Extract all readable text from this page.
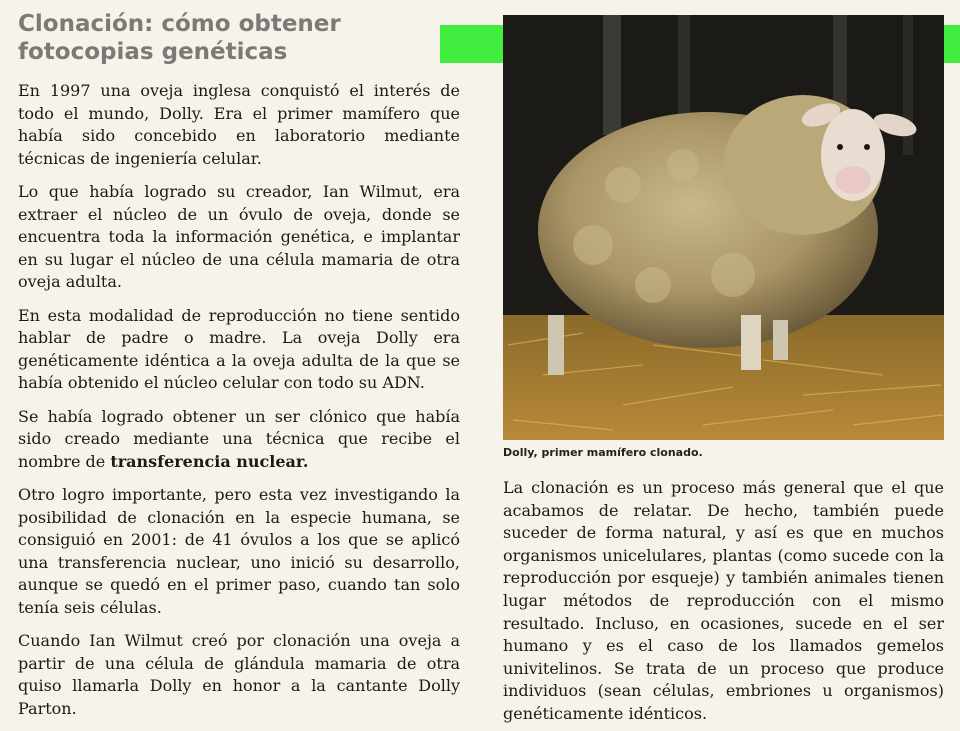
Clonación: cómo obtener fotocopias genéticas

En 1997 una oveja inglesa conquistó el interés de todo el mundo, Dolly. Era el primer mamífero que había sido concebido en laboratorio mediante técnicas de ingeniería celular.

Lo que había logrado su creador, Ian Wilmut, era extraer el núcleo de un óvulo de oveja, donde se encuentra toda la información genética, e implantar en su lugar el núcleo de una célula mamaria de otra oveja adulta.

En esta modalidad de reproducción no tiene sentido hablar de padre o madre. La oveja Dolly era genéticamente idéntica a la oveja adulta de la que se había obtenido el núcleo celular con todo su ADN.

Se había logrado obtener un ser clónico que había sido creado mediante una técnica que recibe el nombre de transferencia nuclear.

Otro logro importante, pero esta vez investigando la posibilidad de clonación en la especie humana, se consiguió en 2001: de 41 óvulos a los que se aplicó una transferencia nuclear, uno inició su desarrollo, aunque se quedó en el primer paso, cuando tan solo tenía seis células.

Cuando Ian Wilmut creó por clonación una oveja a partir de una célula de glándula mamaria de otra quiso llamarla Dolly en honor a la cantante Dolly Parton.

Dolly, primer mamífero clonado.

La clonación es un proceso más general que el que acabamos de relatar. De hecho, también puede suceder de forma natural, y así es que en muchos organismos unicelulares, plantas (como sucede con la reproducción por esqueje) y también animales tienen lugar métodos de reproducción con el mismo resultado. Incluso, en ocasiones, sucede en el ser humano y es el caso de los llamados gemelos univitelinos. Se trata de un proceso que produce individuos (sean células, embriones u organismos) genéticamente idénticos.
